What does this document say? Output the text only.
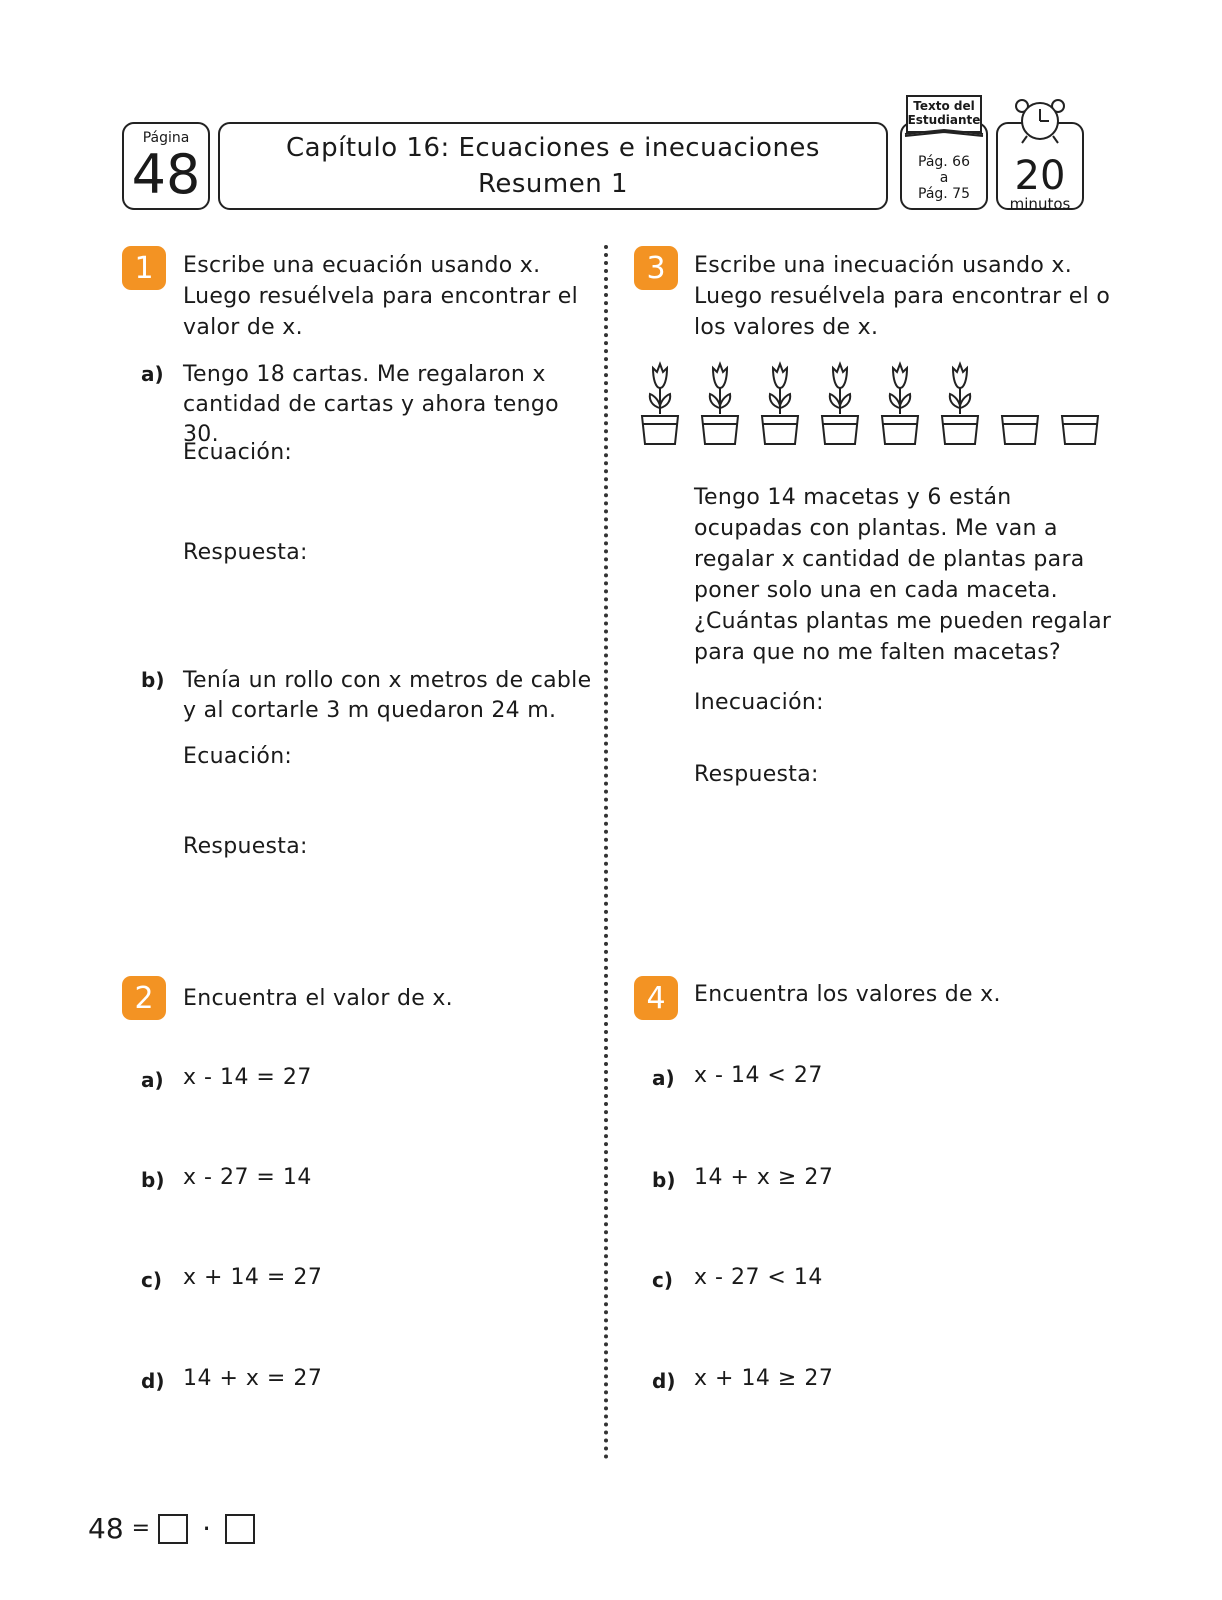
Página
48	Capítulo 16: Ecuaciones e inecuaciones
Resumen 1
Pág. 66
a
Pág. 75
Texto del
Estudiante
20
minutos
1	Escribe una ecuación usando x.
Luego resuélvela para encontrar el
valor de x.
a) Tengo 18 cartas. Me regalaron x
cantidad de cartas y ahora tengo 30.
Ecuación:
Respuesta:
b) Tenía un rollo con x metros de cable
y al cortarle 3 m quedaron 24 m.
Ecuación:
Respuesta:
2	Encuentra el valor de x.
a) x - 14 = 27
b) x - 27 = 14
c) x + 14 = 27
d) 14 + x = 27
3	Escribe una inecuación usando x.
Luego resuélvela para encontrar el o
los valores de x.
Tengo 14 macetas y 6 están
ocupadas con plantas. Me van a
regalar x cantidad de plantas para
poner solo una en cada maceta.
¿Cuántas plantas me pueden regalar
para que no me falten macetas?
Inecuación:
Respuesta:
4	Encuentra los valores de x.
a) x - 14 < 27
b) 14 + x ≥ 27
c) x - 27 < 14
d) x + 14 ≥ 27
48 = ·
